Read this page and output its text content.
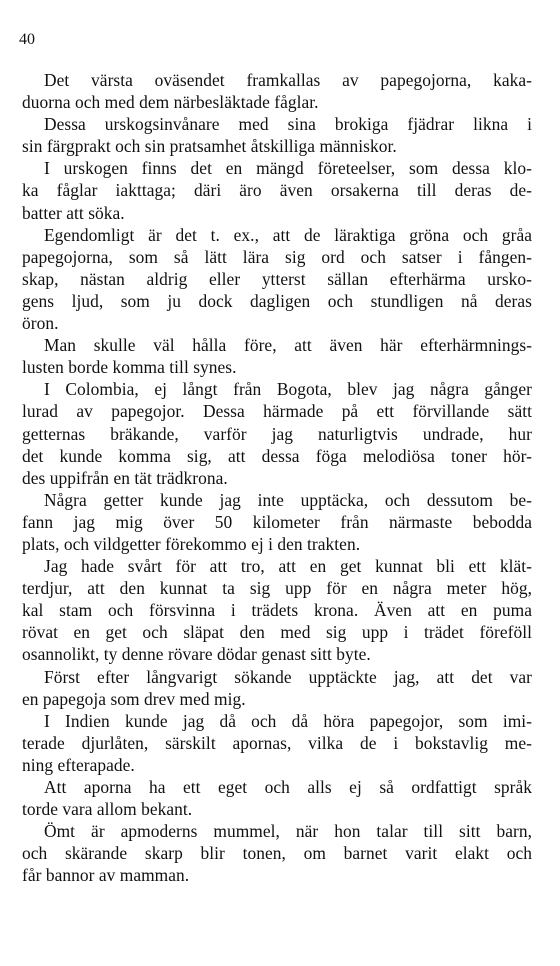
40
Det värsta oväsendet framkallas av papegojorna, kaka-
duorna och med dem närbesläktade fåglar.
Dessa urskogsinvånare med sina brokiga fjädrar likna i
sin färgprakt och sin pratsamhet åtskilliga människor.
I urskogen finns det en mängd företeelser, som dessa klo-
ka fåglar iakttaga; däri äro även orsakerna till deras de-
batter att söka.
Egendomligt är det t. ex., att de läraktiga gröna och gråa
papegojorna, som så lätt lära sig ord och satser i fången-
skap, nästan aldrig eller ytterst sällan efterhärma ursko-
gens ljud, som ju dock dagligen och stundligen nå deras
öron.
Man skulle väl hålla före, att även här efterhärmnings-
lusten borde komma till synes.
I Colombia, ej långt från Bogota, blev jag några gånger
lurad av papegojor. Dessa härmade på ett förvillande sätt
getternas bräkande, varför jag naturligtvis undrade, hur
det kunde komma sig, att dessa föga melodiösa toner hör-
des uppifrån en tät trädkrona.
Några getter kunde jag inte upptäcka, och dessutom be-
fann jag mig över 50 kilometer från närmaste bebodda
plats, och vildgetter förekommo ej i den trakten.
Jag hade svårt för att tro, att en get kunnat bli ett klät-
terdjur, att den kunnat ta sig upp för en några meter hög,
kal stam och försvinna i trädets krona. Även att en puma
rövat en get och släpat den med sig upp i trädet föreföll
osannolikt, ty denne rövare dödar genast sitt byte.
Först efter långvarigt sökande upptäckte jag, att det var
en papegoja som drev med mig.
I Indien kunde jag då och då höra papegojor, som imi-
terade djurlåten, särskilt apornas, vilka de i bokstavlig me-
ning efterapade.
Att aporna ha ett eget och alls ej så ordfattigt språk
torde vara allom bekant.
Ömt är apmoderns mummel, när hon talar till sitt barn,
och skärande skarp blir tonen, om barnet varit elakt och
får bannor av mamman.
